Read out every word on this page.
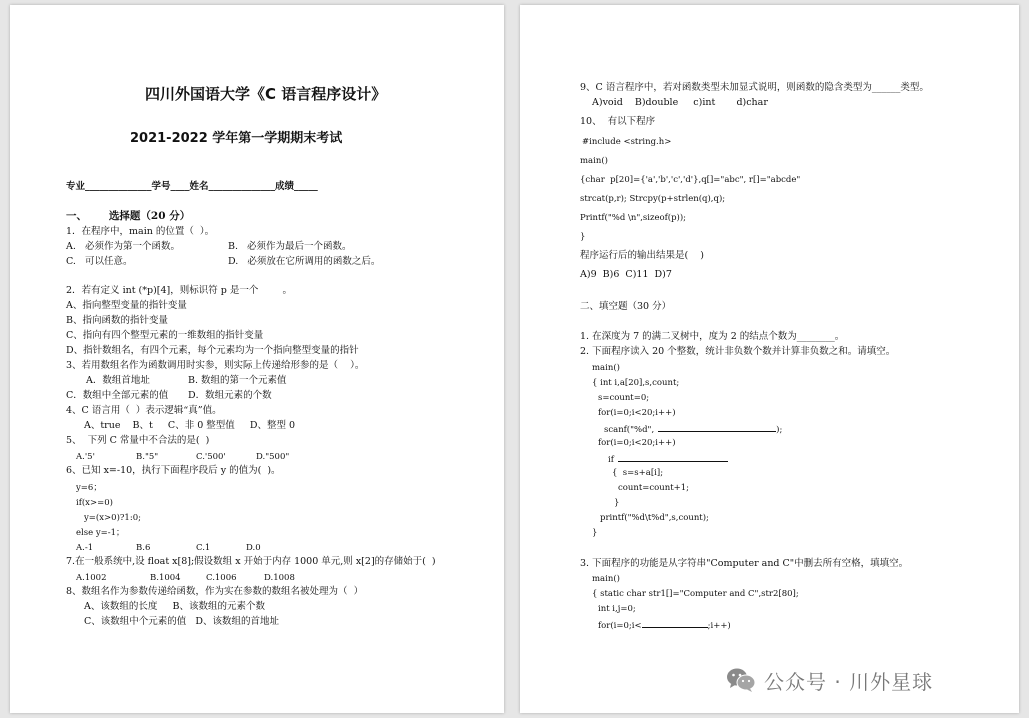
四川外国语大学《C 语言程序设计》
2021-2022 学年第一学期期末考试
专业______________学号____姓名______________成绩_____
一、      选择题（20 分）
1．在程序中，main 的位置（  ）。
A.   必须作为第一个函数。	B.   必须作为最后一个函数。
C.   可以任意。	D.   必须放在它所调用的函数之后。
2．若有定义 int (*p)[4]，则标识符 p 是一个        。
A、指向整型变量的指针变量
B、指向函数的指针变量
C、指向有四个整型元素的一维数组的指针变量
D、指针数组名，有四个元素，每个元素均为一个指向整型变量的指针
3、若用数组名作为函数调用时实参，则实际上传递给形参的是（    ）。
A．数组首地址	B. 数组的第一个元素值
C．数组中全部元素的值 D．数组元素的个数
4、C 语言用（  ）表示逻辑“真”值。
A、true    B、t     C、非 0 整型值     D、整型 0
5、  下列 C 常量中不合法的是(  )
A.'5'	B."5"	C.'500'	D."500"
6、已知 x=-10，执行下面程序段后 y 的值为(  )。
y=6；
if(x>=0)
y=(x>0)?1:0;
else y=-1；
A.-1	B.6	C.1	D.0
7.在一般系统中,设 float x[8];假设数组 x 开始于内存 1000 单元,则 x[2]的存储始于(  )
A.1002	B.1004	C.1006	D.1008
8、数组名作为参数传递给函数，作为实在参数的数组名被处理为（  ）
A、该数组的长度     B、该数组的元素个数
C、该数组中个元素的值   D、该数组的首地址
9、C 语言程序中，若对函数类型未加显式说明，则函数的隐含类型为______类型。
A)void    B)double     c)int       d)char
10、  有以下程序
#include <string.h>
main()
{char  p[20]={'a','b','c','d'},q[]="abc", r[]="abcde"
strcat(p,r); Strcpy(p+strlen(q),q);
Printf("%d \n",sizeof(p));
}
程序运行后的输出结果是(    )
A)9  B)6  C)11  D)7
二、填空题（30 分）
1. 在深度为 7 的满二叉树中，度为 2 的结点个数为________。
2. 下面程序读入 20 个整数，统计非负数个数并计算非负数之和。请填空。
main()
{ int i,a[20],s,count;
s=count=0;
for(i=0;i<20;i++)
scanf("%d",	);
for(i=0;i<20;i++)
if
{  s=s+a[i];
count=count+1;
}
printf("%d\t%d",s,count);
}
3. 下面程序的功能是从字符串"Computer and C"中删去所有空格，填填空。
main()
{ static char str1[]="Computer and C",str2[80];
int i,j=0;
for(i=0;i<	;i++)
公众号 · 川外星球
